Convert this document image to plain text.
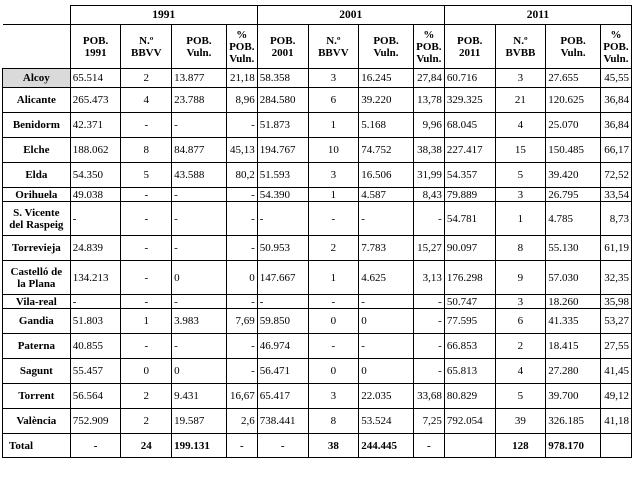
	1991				2001				2011			
	POB. 1991	N.º BBVV	POB. Vuln.	% POB. Vuln.	POB. 2001	N.º BBVV	POB. Vuln.	% POB. Vuln.	POB. 2011	N.º BVBB	POB. Vuln.	% POB. Vuln.
Alcoy	65.514	2	13.877	21,18	58.358	3	16.245	27,84	60.716	3	27.655	45,55
Alicante	265.473	4	23.788	8,96	284.580	6	39.220	13,78	329.325	21	120.625	36,84
Benidorm	42.371	-	-	-	51.873	1	5.168	9,96	68.045	4	25.070	36,84
Elche	188.062	8	84.877	45,13	194.767	10	74.752	38,38	227.417	15	150.485	66,17
Elda	54.350	5	43.588	80,2	51.593	3	16.506	31,99	54.357	5	39.420	72,52
Orihuela	49.038	-	-	-	54.390	1	4.587	8,43	79.889	3	26.795	33,54
S. Vicente del Raspeig	-	-	-	-	-	-	-	-	54.781	1	4.785	8,73
Torrevieja	24.839	-	-	-	50.953	2	7.783	15,27	90.097	8	55.130	61,19
Castelló de la Plana	134.213	-	0	0	147.667	1	4.625	3,13	176.298	9	57.030	32,35
Vila-real	-	-	-	-	-	-	-	-	50.747	3	18.260	35,98
Gandia	51.803	1	3.983	7,69	59.850	0	0	-	77.595	6	41.335	53,27
Paterna	40.855	-	-	-	46.974	-	-	-	66.853	2	18.415	27,55
Sagunt	55.457	0	0	-	56.471	0	0	-	65.813	4	27.280	41,45
Torrent	56.564	2	9.431	16,67	65.417	3	22.035	33,68	80.829	5	39.700	49,12
València	752.909	2	19.587	2,6	738.441	8	53.524	7,25	792.054	39	326.185	41,18
Total	-	24	199.131	-	-	38	244.445	-		128	978.170	
